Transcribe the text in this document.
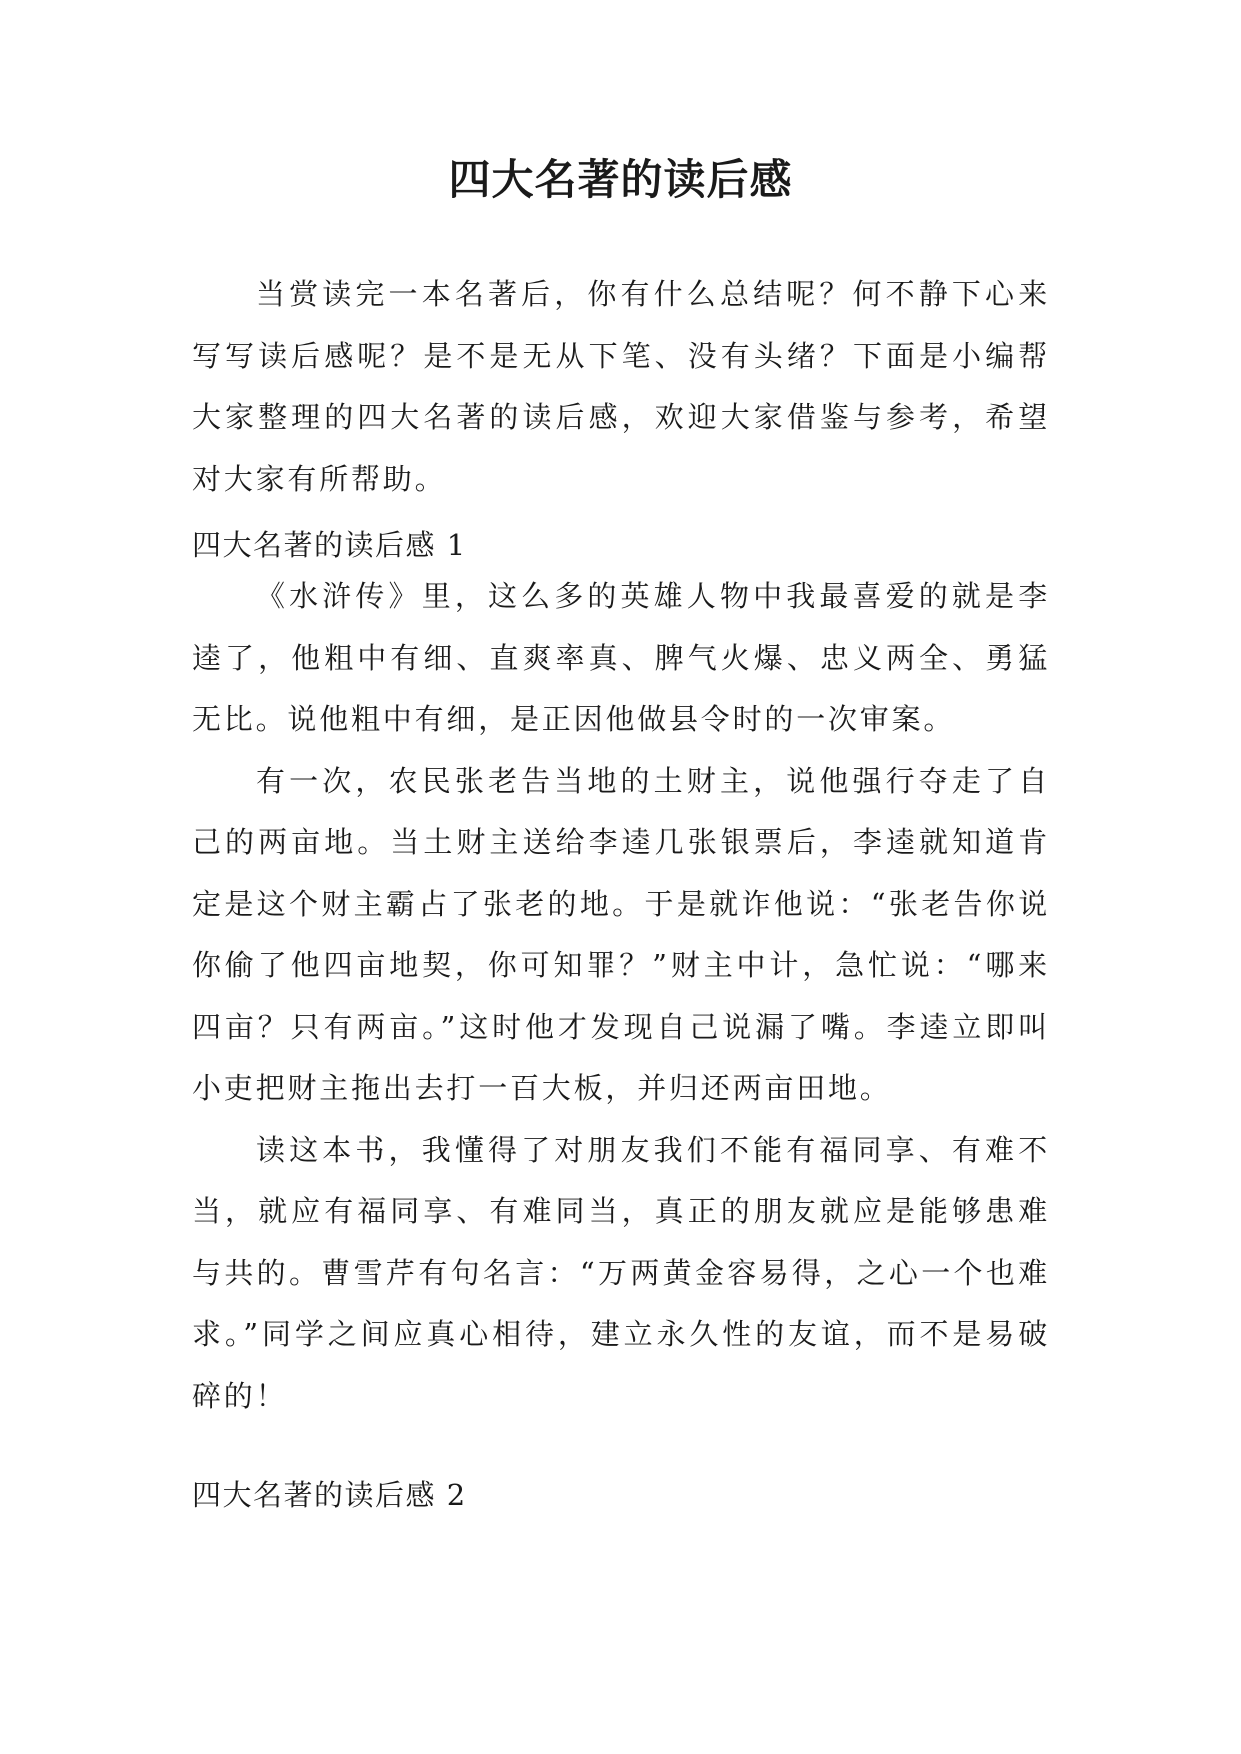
四大名著的读后感

当赏读完一本名著后，你有什么总结呢？何不静下心来写写读后感呢？是不是无从下笔、没有头绪？下面是小编帮大家整理的四大名著的读后感，欢迎大家借鉴与参考，希望对大家有所帮助。

四大名著的读后感 1

《水浒传》里，这么多的英雄人物中我最喜爱的就是李逵了，他粗中有细、直爽率真、脾气火爆、忠义两全、勇猛无比。说他粗中有细，是正因他做县令时的一次审案。

有一次，农民张老告当地的土财主，说他强行夺走了自己的两亩地。当土财主送给李逵几张银票后，李逵就知道肯定是这个财主霸占了张老的地。于是就诈他说：“张老告你说你偷了他四亩地契，你可知罪？”财主中计，急忙说：“哪来四亩？只有两亩。”这时他才发现自己说漏了嘴。李逵立即叫小吏把财主拖出去打一百大板，并归还两亩田地。

读这本书，我懂得了对朋友我们不能有福同享、有难不当，就应有福同享、有难同当，真正的朋友就应是能够患难与共的。曹雪芹有句名言：“万两黄金容易得，之心一个也难求。”同学之间应真心相待，建立永久性的友谊，而不是易破碎的！

四大名著的读后感 2
